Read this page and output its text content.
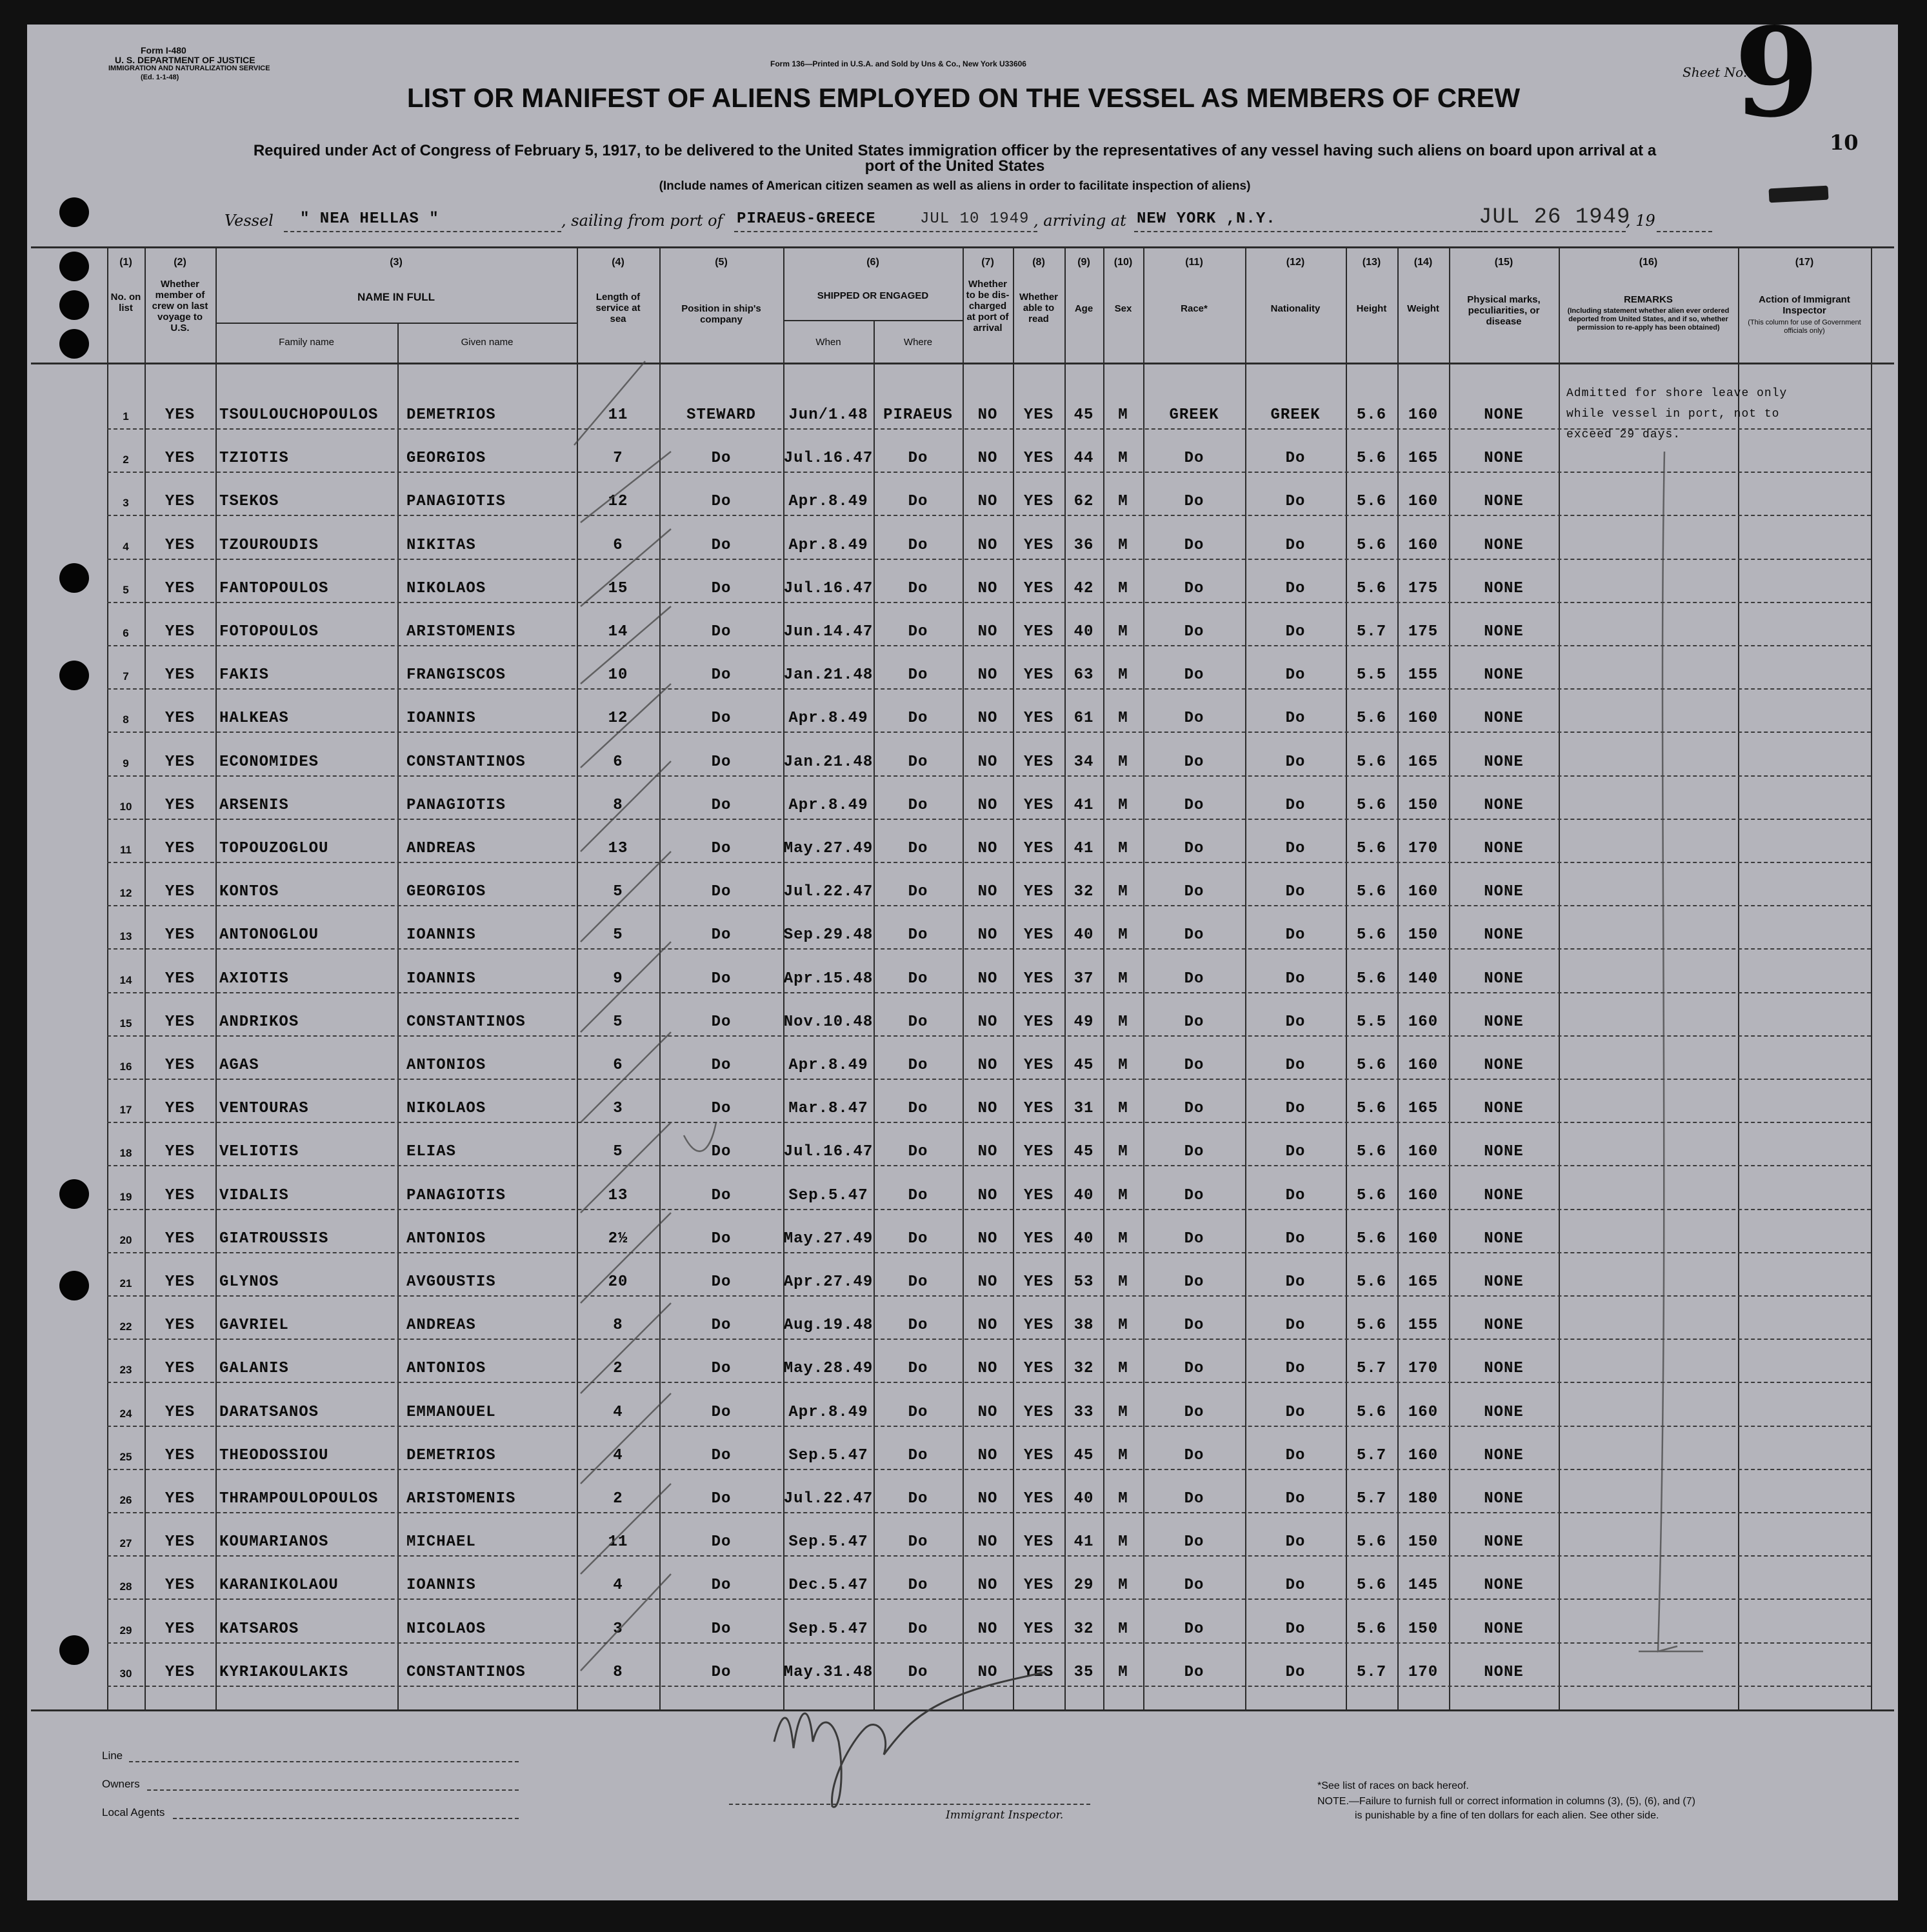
Form I-480
U. S. DEPARTMENT OF JUSTICE
IMMIGRATION AND NATURALIZATION SERVICE
(Ed. 1-1-48)
Form 136—Printed in U.S.A. and Sold by Uns & Co., New York U33606
LIST OR MANIFEST OF ALIENS EMPLOYED ON THE VESSEL AS MEMBERS OF CREW
Required under Act of Congress of February 5, 1917, to be delivered to the United States immigration officer by the representatives of any vessel having such aliens on board upon arrival at a
port of the United States
(Include names of American citizen seamen as well as aliens in order to facilitate inspection of aliens)
Sheet No.
9 10
Vessel " NEA HELLAS "	, sailing from port of PIRAEUS-GREECE	JUL 10 1949 , arriving at NEW YORK ,N.Y.	JUL 26 1949
, 19
(1)
No. on list
(2)
Whether member of crew on last voyage to U.S.
(3)
NAME IN FULL
Family name	Given name
(4)
Length of service at sea
(5)
Position in ship's company
(6)
SHIPPED OR ENGAGED
When	Where
(7)
Whether to be dis-charged at port of arrival
(8)
Whether able to read
(9)
Age
(10)
Sex
(11)
Race*
(12)
Nationality
(13)
Height
(14)
Weight
(15)
Physical marks, peculiarities, or disease
(16)
REMARKS
(Including statement whether alien ever ordered deported from United States, and if so, whether permission to re-apply has been obtained)
(17)
Action of Immigrant Inspector
(This column for use of Government officials only)
1	YES	TSOULOUCHOPOULOS	DEMETRIOS	11	STEWARD	Jun/1.48 PIRAEUS	NO	YES	45	M	GREEK	GREEK	5.6	160	NONE
2	YES	TZIOTIS	GEORGIOS	7	Do	Jul.16.47	Do	NO	YES	44	M	Do	Do	5.6	165	NONE
3	YES	TSEKOS	PANAGIOTIS	12	Do	Apr.8.49	Do	NO	YES	62	M	Do	Do	5.6	160	NONE
4	YES	TZOUROUDIS	NIKITAS	6	Do	Apr.8.49	Do	NO	YES	36	M	Do	Do	5.6	160	NONE
5	YES	FANTOPOULOS	NIKOLAOS	15	Do	Jul.16.47	Do	NO	YES	42	M	Do	Do	5.6	175	NONE
6	YES	FOTOPOULOS	ARISTOMENIS	14	Do	Jun.14.47	Do	NO	YES	40	M	Do	Do	5.7	175	NONE
7	YES	FAKIS	FRANGISCOS	10	Do	Jan.21.48	Do	NO	YES	63	M	Do	Do	5.5	155	NONE
8	YES	HALKEAS	IOANNIS	12	Do	Apr.8.49	Do	NO	YES	61	M	Do	Do	5.6	160	NONE
9	YES	ECONOMIDES	CONSTANTINOS	6	Do	Jan.21.48	Do	NO	YES	34	M	Do	Do	5.6	165	NONE
10	YES	ARSENIS	PANAGIOTIS	8	Do	Apr.8.49	Do	NO	YES	41	M	Do	Do	5.6	150	NONE
11	YES	TOPOUZOGLOU	ANDREAS	13	Do	May.27.49	Do	NO	YES	41	M	Do	Do	5.6	170	NONE
12	YES	KONTOS	GEORGIOS	5	Do	Jul.22.47	Do	NO	YES	32	M	Do	Do	5.6	160	NONE
13	YES	ANTONOGLOU	IOANNIS	5	Do	Sep.29.48	Do	NO	YES	40	M	Do	Do	5.6	150	NONE
14	YES	AXIOTIS	IOANNIS	9	Do	Apr.15.48	Do	NO	YES	37	M	Do	Do	5.6	140	NONE
15	YES	ANDRIKOS	CONSTANTINOS	5	Do	Nov.10.48	Do	NO	YES	49	M	Do	Do	5.5	160	NONE
16	YES	AGAS	ANTONIOS	6	Do	Apr.8.49	Do	NO	YES	45	M	Do	Do	5.6	160	NONE
17	YES	VENTOURAS	NIKOLAOS	3	Do	Mar.8.47	Do	NO	YES	31	M	Do	Do	5.6	165	NONE
18	YES	VELIOTIS	ELIAS	5	Do	Jul.16.47	Do	NO	YES	45	M	Do	Do	5.6	160	NONE
19	YES	VIDALIS	PANAGIOTIS	13	Do	Sep.5.47	Do	NO	YES	40	M	Do	Do	5.6	160	NONE
20	YES	GIATROUSSIS	ANTONIOS	2½	Do	May.27.49	Do	NO	YES	40	M	Do	Do	5.6	160	NONE
21	YES	GLYNOS	AVGOUSTIS	20	Do	Apr.27.49	Do	NO	YES	53	M	Do	Do	5.6	165	NONE
22	YES	GAVRIEL	ANDREAS	8	Do	Aug.19.48	Do	NO	YES	38	M	Do	Do	5.6	155	NONE
23	YES	GALANIS	ANTONIOS	2	Do	May.28.49	Do	NO	YES	32	M	Do	Do	5.7	170	NONE
24	YES	DARATSANOS	EMMANOUEL	4	Do	Apr.8.49	Do	NO	YES	33	M	Do	Do	5.6	160	NONE
25	YES	THEODOSSIOU	DEMETRIOS	4	Do	Sep.5.47	Do	NO	YES	45	M	Do	Do	5.7	160	NONE
26	YES	THRAMPOULOPOULOS	ARISTOMENIS	2	Do	Jul.22.47	Do	NO	YES	40	M	Do	Do	5.7	180	NONE
27	YES	KOUMARIANOS	MICHAEL	11	Do	Sep.5.47	Do	NO	YES	41	M	Do	Do	5.6	150	NONE
28	YES	KARANIKOLAOU	IOANNIS	4	Do	Dec.5.47	Do	NO	YES	29	M	Do	Do	5.6	145	NONE
29	YES	KATSAROS	NICOLAOS	3	Do	Sep.5.47	Do	NO	YES	32	M	Do	Do	5.6	150	NONE
30	YES	KYRIAKOULAKIS	CONSTANTINOS	8	Do	May.31.48	Do	NO	YES	35	M	Do	Do	5.7	170	NONE
Admitted for shore leave only
while vessel in port, not to
exceed 29 days.
Line
Owners
Local Agents	Immigrant Inspector.
*See list of races on back hereof.
NOTE.—Failure to furnish full or correct information in columns (3), (5), (6), and (7)
is punishable by a fine of ten dollars for each alien. See other side.
